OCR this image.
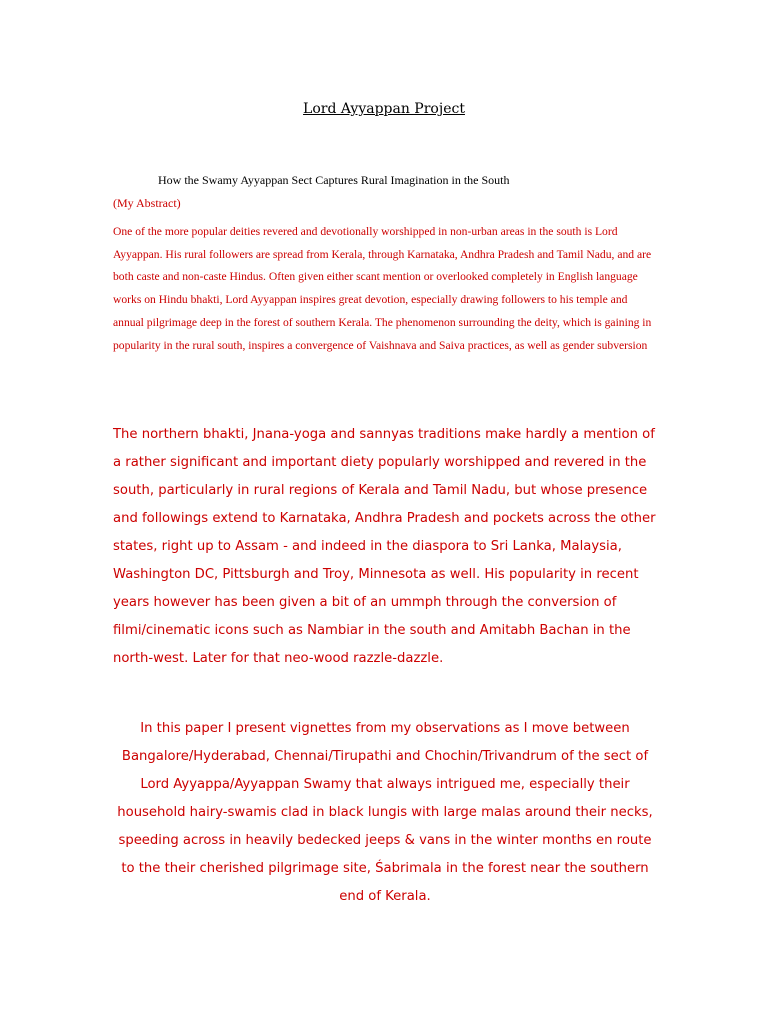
Lord Ayyappan Project

How the Swamy Ayyappan Sect Captures Rural Imagination in the South

(My Abstract)

One of the more popular deities revered and devotionally worshipped in non-urban areas in the south is Lord Ayyappan. His rural followers are spread from Kerala, through Karnataka, Andhra Pradesh and Tamil Nadu, and are both caste and non-caste Hindus. Often given either scant mention or overlooked completely in English language works on Hindu bhakti, Lord Ayyappan inspires great devotion, especially drawing followers to his temple and annual pilgrimage deep in the forest of southern Kerala. The phenomenon surrounding the deity, which is gaining in popularity in the rural south, inspires a convergence of Vaishnava and Saiva practices, as well as gender subversion

The northern bhakti, Jnana-yoga and sannyas traditions make hardly a mention of a rather significant and important diety popularly worshipped and revered in the south, particularly in rural regions of Kerala and Tamil Nadu, but whose presence and followings extend to Karnataka, Andhra Pradesh and pockets across the other states, right up to Assam - and indeed in the diaspora to Sri Lanka, Malaysia, Washington DC, Pittsburgh and Troy, Minnesota as well. His popularity in recent years however has been given a bit of an ummph through the conversion of filmi/cinematic icons such as Nambiar in the south and Amitabh Bachan in the north-west. Later for that neo-wood razzle-dazzle.

In this paper I present vignettes from my observations as I move between Bangalore/Hyderabad, Chennai/Tirupathi and Chochin/Trivandrum of the sect of Lord Ayyappa/Ayyappan Swamy that always intrigued me, especially their household hairy-swamis clad in black lungis with large malas around their necks, speeding across in heavily bedecked jeeps & vans in the winter months en route to the their cherished pilgrimage site, Śabrimala in the forest near the southern end of Kerala.
